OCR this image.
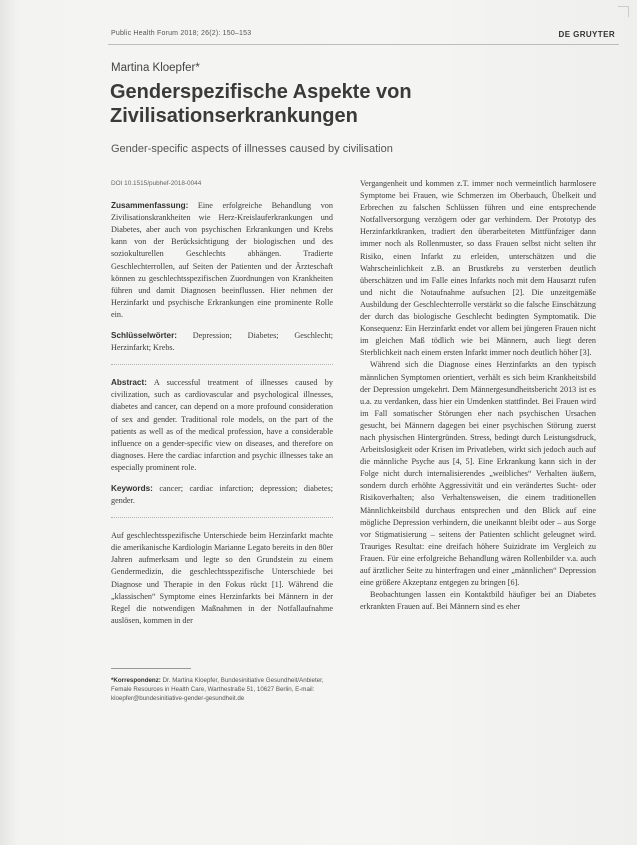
Public Health Forum 2018; 26(2): 150–153	DE GRUYTER
Martina Kloepfer*
Genderspezifische Aspekte von Zivilisationserkrankungen
Gender-specific aspects of illnesses caused by civilisation

DOI 10.1515/pubhef-2018-0044

Zusammenfassung: Eine erfolgreiche Behandlung von Zivilisationskrankheiten wie Herz-Kreislauferkrankungen und Diabetes, aber auch von psychischen Erkrankungen und Krebs kann von der Berücksichtigung der biologischen und des soziokulturellen Geschlechts abhängen. Tradierte Geschlechterrollen, auf Seiten der Patienten und der Ärzteschaft können zu geschlechtsspezifischen Zuordnungen von Krankheiten führen und damit Diagnosen beeinflussen. Hier nehmen der Herzinfarkt und psychische Erkrankungen eine prominente Rolle ein.

Schlüsselwörter: Depression; Diabetes; Geschlecht; Herzinfarkt; Krebs.

Abstract: A successful treatment of illnesses caused by civilization, such as cardiovascular and psychological illnesses, diabetes and cancer, can depend on a more profound consideration of sex and gender. Traditional role models, on the part of the patients as well as of the medical profession, have a considerable influence on a gender-specific view on diseases, and therefore on diagnoses. Here the cardiac infarction and psychic illnesses take an especially prominent role.

Keywords: cancer; cardiac infarction; depression; diabetes; gender.

Auf geschlechtsspezifische Unterschiede beim Herzinfarkt machte die amerikanische Kardiologin Marianne Legato bereits in den 80er Jahren aufmerksam und legte so den Grundstein zu einem Gendermedizin, die geschlechtsspezifische Unterschiede bei Diagnose und Therapie in den Fokus rückt [1]. Während die „klassischen“ Symptome eines Herzinfarkts bei Männern in der Regel die notwendigen Maßnahmen in der Notfallaufnahme auslösen, kommen in der

*Korrespondenz: Dr. Martina Kloepfer, Bundesinitiative Gesundheit/Anbieter, Female Resources in Health Care, Warthestraße 51, 10627 Berlin, E-mail: kloepfer@bundesinitiative-gender-gesundheit.de

Vergangenheit und kommen z.T. immer noch vermeintlich harmlosere Symptome bei Frauen, wie Schmerzen im Oberbauch, Übelkeit und Erbrechen zu falschen Schlüssen führen und eine entsprechende Notfallversorgung verzögern oder gar verhindern. Der Prototyp des Herzinfarktkranken, tradiert den überarbeiteten Mittfünfziger dann immer noch als Rollenmuster, so dass Frauen selbst nicht selten ihr Risiko, einen Infarkt zu erleiden, unterschätzen und die Wahrscheinlichkeit z.B. an Brustkrebs zu versterben deutlich überschätzen und im Falle eines Infarkts noch mit dem Hausarzt rufen und nicht die Notaufnahme aufsuchen [2]. Die unzeitgemäße Ausbildung der Geschlechterrolle verstärkt so die falsche Einschätzung der durch das biologische Geschlecht bedingten Symptomatik. Die Konsequenz: Ein Herzinfarkt endet vor allem bei jüngeren Frauen nicht im gleichen Maß tödlich wie bei Männern, auch liegt deren Sterblichkeit nach einem ersten Infarkt immer noch deutlich höher [3].

Während sich die Diagnose eines Herzinfarkts an den typisch männlichen Symptomen orientiert, verhält es sich beim Krankheitsbild der Depression umgekehrt. Dem Männergesundheitsbericht 2013 ist es u.a. zu verdanken, dass hier ein Umdenken stattfindet. Bei Frauen wird im Fall somatischer Störungen eher nach psychischen Ursachen gesucht, bei Männern dagegen bei einer psychischen Störung zuerst nach physischen Hintergründen. Stress, bedingt durch Leistungsdruck, Arbeitslosigkeit oder Krisen im Privatleben, wirkt sich jedoch auch auf die männliche Psyche aus [4, 5]. Eine Erkrankung kann sich in der Folge nicht durch internalisierendes „weibliches“ Verhalten äußern, sondern durch erhöhte Aggressivität und ein verändertes Sucht- oder Risikoverhalten; also Verhaltensweisen, die einem traditionellen Männlichkeitsbild durchaus entsprechen und den Blick auf eine mögliche Depression verhindern, die uneikannt bleibt oder – aus Sorge vor Stigmatisierung – seitens der Patienten schlicht geleugnet wird. Trauriges Resultat: eine dreifach höhere Suizidrate im Vergleich zu Frauen. Für eine erfolgreiche Behandlung wären Rollenbilder v.a. auch auf ärztlicher Seite zu hinterfragen und einer „männlichen“ Depression eine größere Akzeptanz entgegen zu bringen [6].

Beobachtungen lassen ein Kontaktbild häufiger bei an Diabetes erkrankten Frauen auf. Bei Männern sind es eher
